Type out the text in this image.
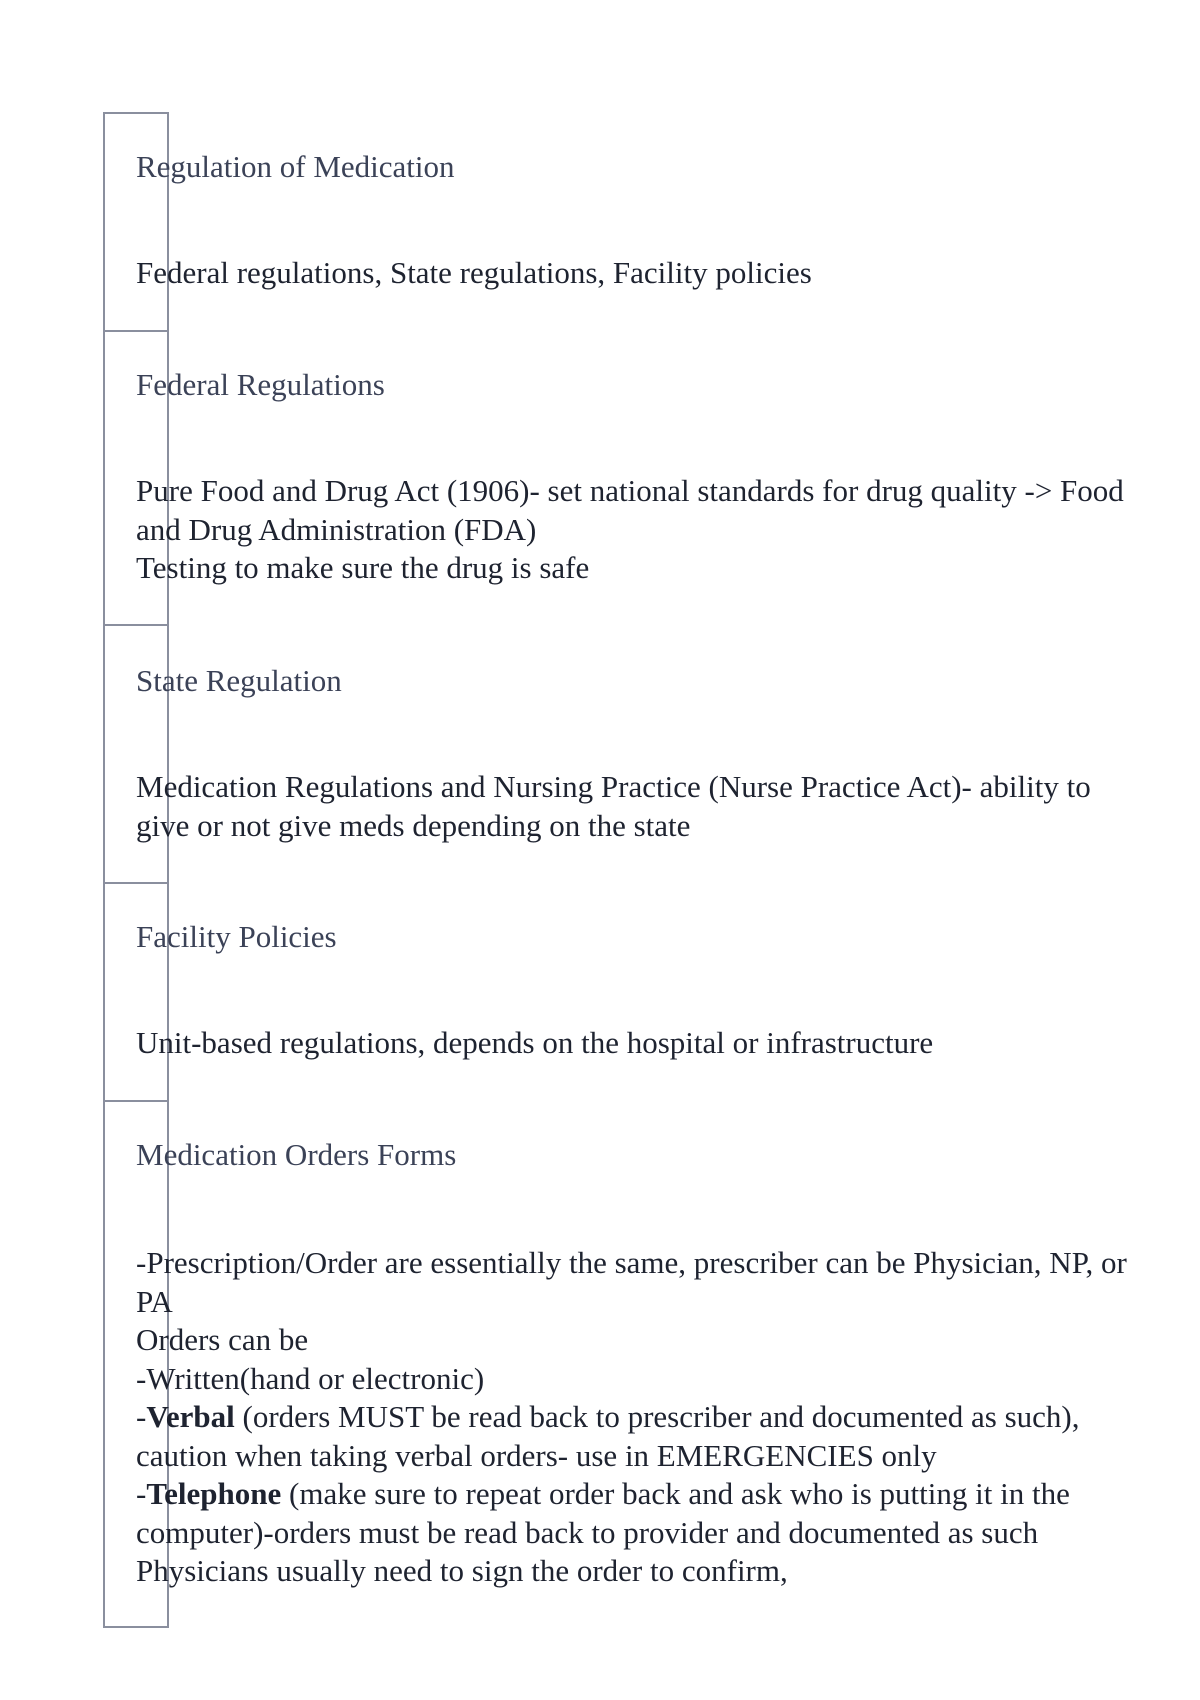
Regulation of Medication

Federal regulations, State regulations, Facility policies

Federal Regulations

Pure Food and Drug Act (1906)- set national standards for drug quality -> Food and Drug Administration (FDA)

Testing to make sure the drug is safe

State Regulation

Medication Regulations and Nursing Practice (Nurse Practice Act)- ability to give or not give meds depending on the state

Facility Policies

Unit-based regulations, depends on the hospital or infrastructure

Medication Orders Forms

-Prescription/Order are essentially the same, prescriber can be Physician, NP, or PA

Orders can be

-Written(hand or electronic)

-Verbal (orders MUST be read back to prescriber and documented as such), caution when taking verbal orders- use in EMERGENCIES only

-Telephone (make sure to repeat order back and ask who is putting it in the computer)-orders must be read back to provider and documented as such

Physicians usually need to sign the order to confirm,
